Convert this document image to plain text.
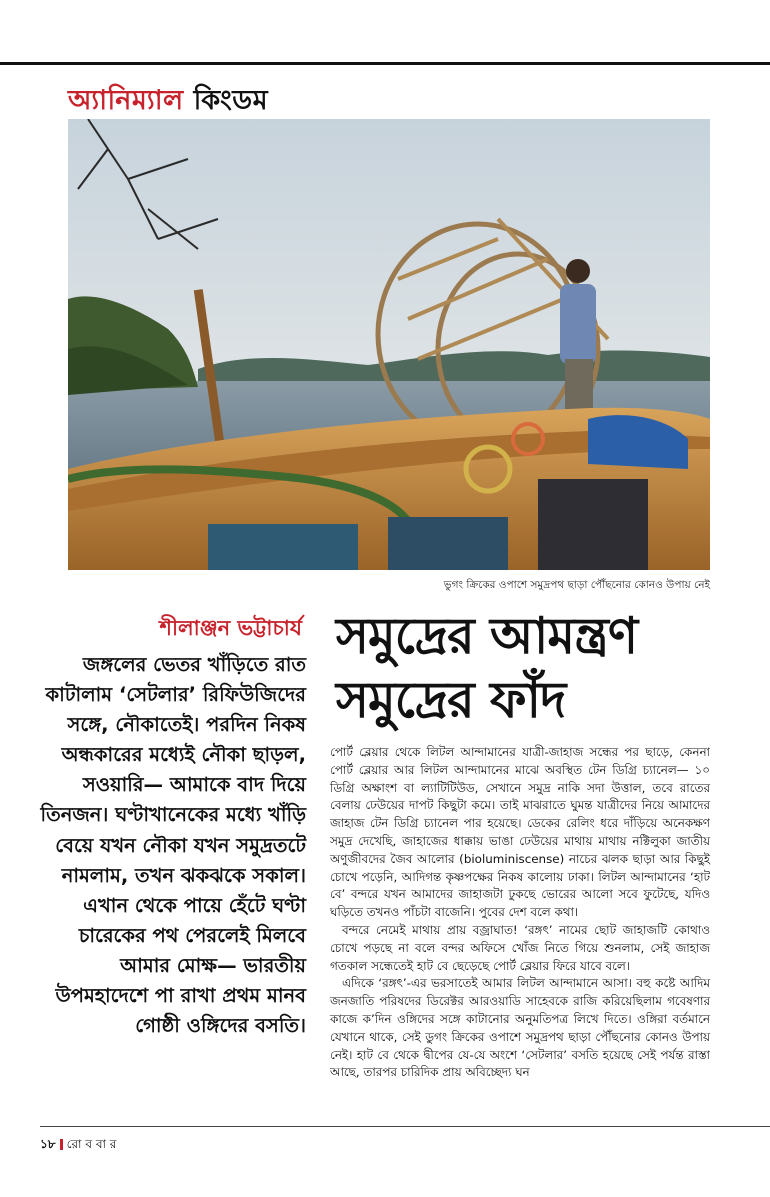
অ্যানিম্যাল কিংডম
ভুগং ক্রিকের ওপাশে সমুদ্রপথ ছাড়া পৌঁছনোর কোনও উপায় নেই
শীলাঞ্জন ভট্টাচার্য
জঙ্গলের ভেতর খাঁড়িতে রাত কাটালাম ‘সেটলার’ রিফিউজিদের সঙ্গে, নৌকাতেই। পরদিন নিকষ অন্ধকারের মধ্যেই নৌকা ছাড়ল, সওয়ারি— আমাকে বাদ দিয়ে তিনজন। ঘণ্টাখানেকের মধ্যে খাঁড়ি বেয়ে যখন নৌকা যখন সমুদ্রতটে নামলাম, তখন ঝকঝকে সকাল। এখান থেকে পায়ে হেঁটে ঘণ্টা চারেকের পথ পেরলেই মিলবে আমার মোক্ষ— ভারতীয় উপমহাদেশে পা রাখা প্রথম মানব গোষ্ঠী ওঙ্গিদের বসতি।
সমুদ্রের আমন্ত্রণ
সমুদ্রের ফাঁদ

পোর্ট ব্লেয়ার থেকে লিটল আন্দামানের যাত্রী-জাহাজ সন্ধের পর ছাড়ে, কেননা পোর্ট ব্লেয়ার আর লিটল আন্দামানের মাঝে অবস্থিত টেন ডিগ্রি চ্যানেল— ১০ ডিগ্রি অক্ষাংশ বা ল্যাটিটিউড, সেখানে সমুদ্র নাকি সদা উত্তাল, তবে রাতের বেলায় ঢেউয়ের দাপট কিছুটা কমে। তাই মাঝরাতে ঘুমন্ত যাত্রীদের নিয়ে আমাদের জাহাজ টেন ডিগ্রি চ্যানেল পার হয়েছে। ডেকের রেলিং ধরে দাঁড়িয়ে অনেকক্ষণ সমুদ্র দেখেছি, জাহাজের ধাক্কায় ভাঙা ঢেউয়ের মাথায় মাথায় নক্টিলুকা জাতীয় অণুজীবদের জৈব আলোর (bioluminiscense) নাচের ঝলক ছাড়া আর কিছুই চোখে পড়েনি, আদিগন্ত কৃষ্ণপক্ষের নিকষ কালোয় ঢাকা। লিটল আন্দামানের ‘হাট বে’ বন্দরে যখন আমাদের জাহাজটা ঢুকছে ভোরের আলো সবে ফুটেছে, যদিও ঘড়িতে তখনও পাঁচটা বাজেনি। পুবের দেশ বলে কথা।

বন্দরে নেমেই মাথায় প্রায় বজ্রাঘাত! ‘রঙ্গৎ’ নামের ছোট জাহাজটি কোথাও চোখে পড়ছে না বলে বন্দর অফিসে খোঁজ নিতে গিয়ে শুনলাম, সেই জাহাজ গতকাল সন্ধেতেই হাট বে ছেড়েছে পোর্ট ব্লেয়ার ফিরে যাবে বলে।

এদিকে ‘রঙ্গৎ’-এর ভরসাতেই আমার লিটল আন্দামানে আসা। বহু কষ্টে আদিম জনজাতি পরিষদের ডিরেক্টর আরওয়াডি সাহেবকে রাজি করিয়েছিলাম গবেষণার কাজে ক’দিন ওঙ্গিদের সঙ্গে কাটানোর অনুমতিপত্র লিখে দিতে। ওঙ্গিরা বর্তমানে যেখানে থাকে, সেই ডুগং ক্রিকের ওপাশে সমুদ্রপথ ছাড়া পৌঁছনোর কোনও উপায় নেই। হাট বে থেকে দ্বীপের যে-যে অংশে ‘সেটলার’ বসতি হয়েছে সেই পর্যন্ত রাস্তা আছে, তারপর চারিদিক প্রায় অবিচ্ছেদ্য ঘন

১৮ রো ব বা র
